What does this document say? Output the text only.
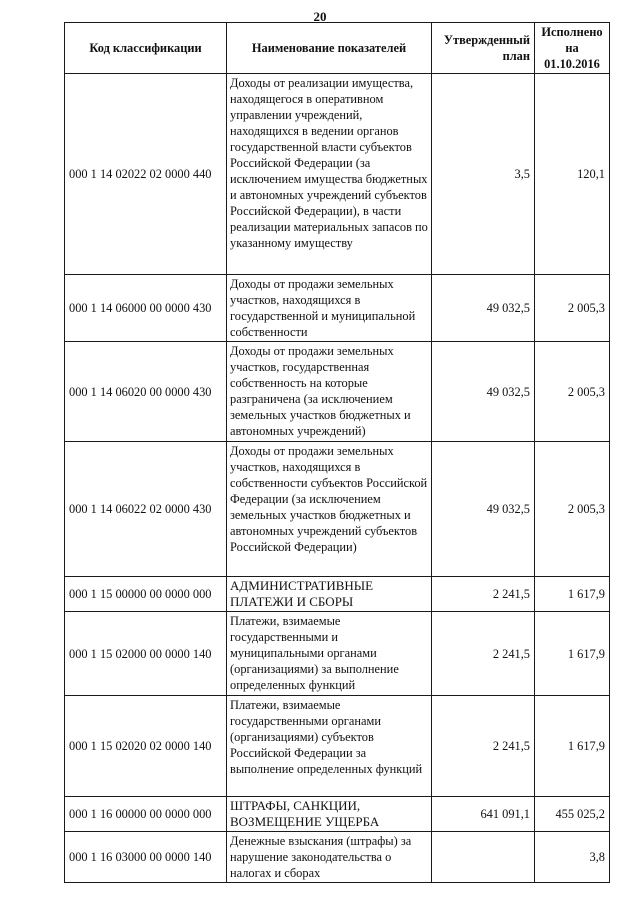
20
Код классификации	Наименование показателей	Утвержденный план	Исполнено на 01.10.2016
000 1 14 02022 02 0000 440	Доходы от реализации имущества, находящегося в оперативном управлении учреждений, находящихся в ведении органов государственной власти субъектов Российской Федерации (за исключением имущества бюджетных и автономных учреждений субъектов Российской Федерации), в части реализации материальных запасов по указанному имуществу	3,5	120,1
000 1 14 06000 00 0000 430	Доходы от продажи земельных участков, находящихся в государственной и муниципальной собственности	49 032,5	2 005,3
000 1 14 06020 00 0000 430	Доходы от продажи земельных участков, государственная собственность на которые разграничена (за исключением земельных участков бюджетных и автономных учреждений)	49 032,5	2 005,3
000 1 14 06022 02 0000 430	Доходы от продажи земельных участков, находящихся в собственности субъектов Российской Федерации (за исключением земельных участков бюджетных и автономных учреждений субъектов Российской Федерации)	49 032,5	2 005,3
000 1 15 00000 00 0000 000	АДМИНИСТРАТИВНЫЕ ПЛАТЕЖИ И СБОРЫ	2 241,5	1 617,9
000 1 15 02000 00 0000 140	Платежи, взимаемые государственными и муниципальными органами (организациями) за выполнение определенных функций	2 241,5	1 617,9
000 1 15 02020 02 0000 140	Платежи, взимаемые государственными органами (организациями) субъектов Российской Федерации за выполнение определенных функций	2 241,5	1 617,9
000 1 16 00000 00 0000 000	ШТРАФЫ, САНКЦИИ, ВОЗМЕЩЕНИЕ УЩЕРБА	641 091,1	455 025,2
000 1 16 03000 00 0000 140	Денежные взыскания (штрафы) за нарушение законодательства о налогах и сборах		3,8
